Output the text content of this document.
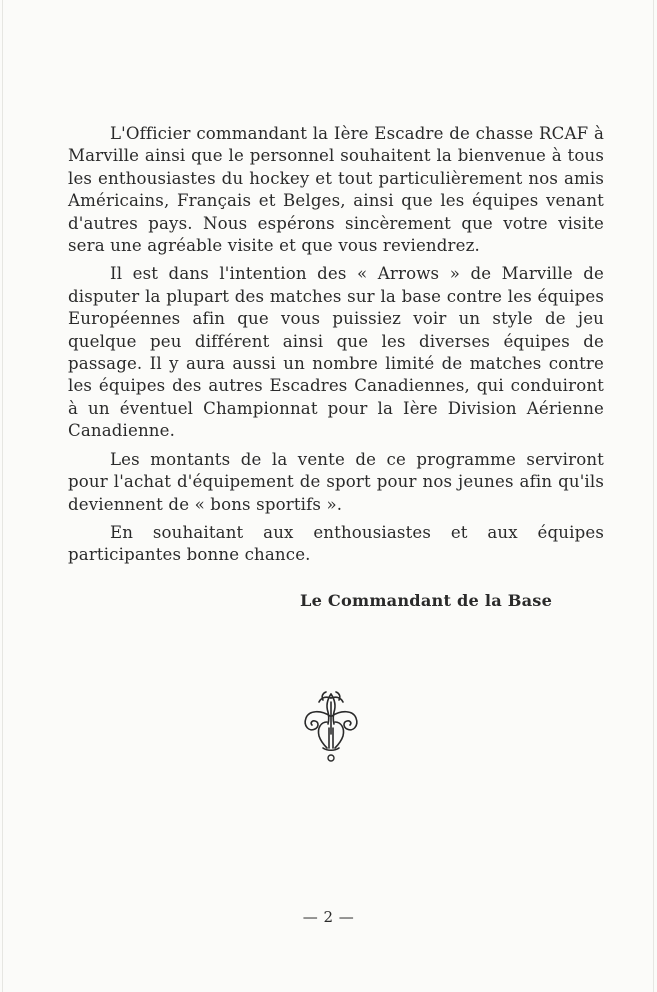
L'Officier commandant la Ière Escadre de chasse RCAF à Marville ainsi que le personnel souhaitent la bienvenue à tous les enthousiastes du hockey et tout particulièrement nos amis Américains, Français et Belges, ainsi que les équipes venant d'autres pays. Nous espérons sincèrement que votre visite sera une agréable visite et que vous reviendrez.

Il est dans l'intention des « Arrows » de Marville de disputer la plupart des matches sur la base contre les équipes Européennes afin que vous puissiez voir un style de jeu quelque peu différent ainsi que les diverses équipes de passage. Il y aura aussi un nombre limité de matches contre les équipes des autres Escadres Canadiennes, qui conduiront à un éventuel Championnat pour la Ière Division Aérienne Canadienne.

Les montants de la vente de ce programme serviront pour l'achat d'équipement de sport pour nos jeunes afin qu'ils deviennent de « bons sportifs ».

En souhaitant aux enthousiastes et aux équipes participantes bonne chance.

Le Commandant de la Base
— 2 —
